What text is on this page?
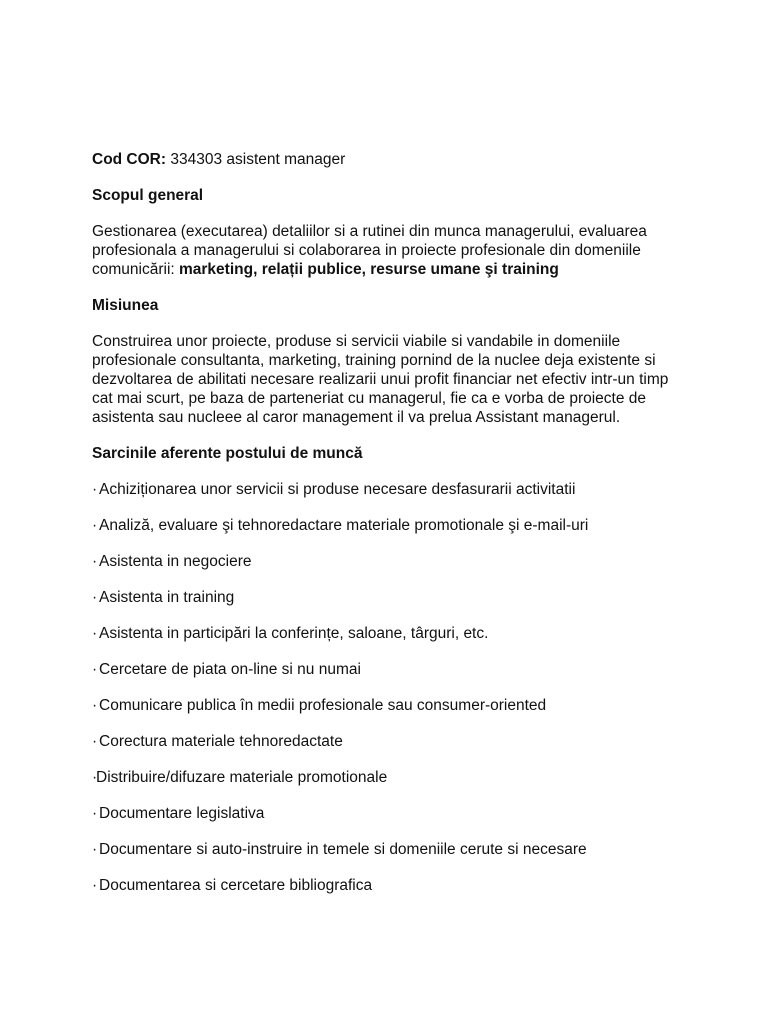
Cod COR: 334303 asistent manager

Scopul general

Gestionarea (executarea) detaliilor si a rutinei din munca managerului, evaluarea profesionala a managerului si colaborarea in proiecte profesionale din domeniile comunicării: marketing, relații publice, resurse umane şi training

Misiunea

Construirea unor proiecte, produse si servicii viabile si vandabile in domeniile profesionale consultanta, marketing, training pornind de la nuclee deja existente si dezvoltarea de abilitati necesare realizarii unui profit financiar net efectiv intr-un timp cat mai scurt, pe baza de parteneriat cu managerul, fie ca e vorba de proiecte de asistenta sau nucleee al caror management il va prelua Assistant managerul.

Sarcinile aferente postului de muncă

· Achiziționarea unor servicii si produse necesare desfasurarii activitatii
· Analiză, evaluare şi tehnoredactare materiale promotionale şi e-mail-uri
· Asistenta in negociere
· Asistenta in training
· Asistenta in participări la conferințe, saloane, târguri, etc.
· Cercetare de piata on-line si nu numai
· Comunicare publica în medii profesionale sau consumer-oriented
· Corectura materiale tehnoredactate
·Distribuire/difuzare materiale promotionale
· Documentare legislativa
· Documentare si auto-instruire in temele si domeniile cerute si necesare
· Documentarea si cercetare bibliografica
